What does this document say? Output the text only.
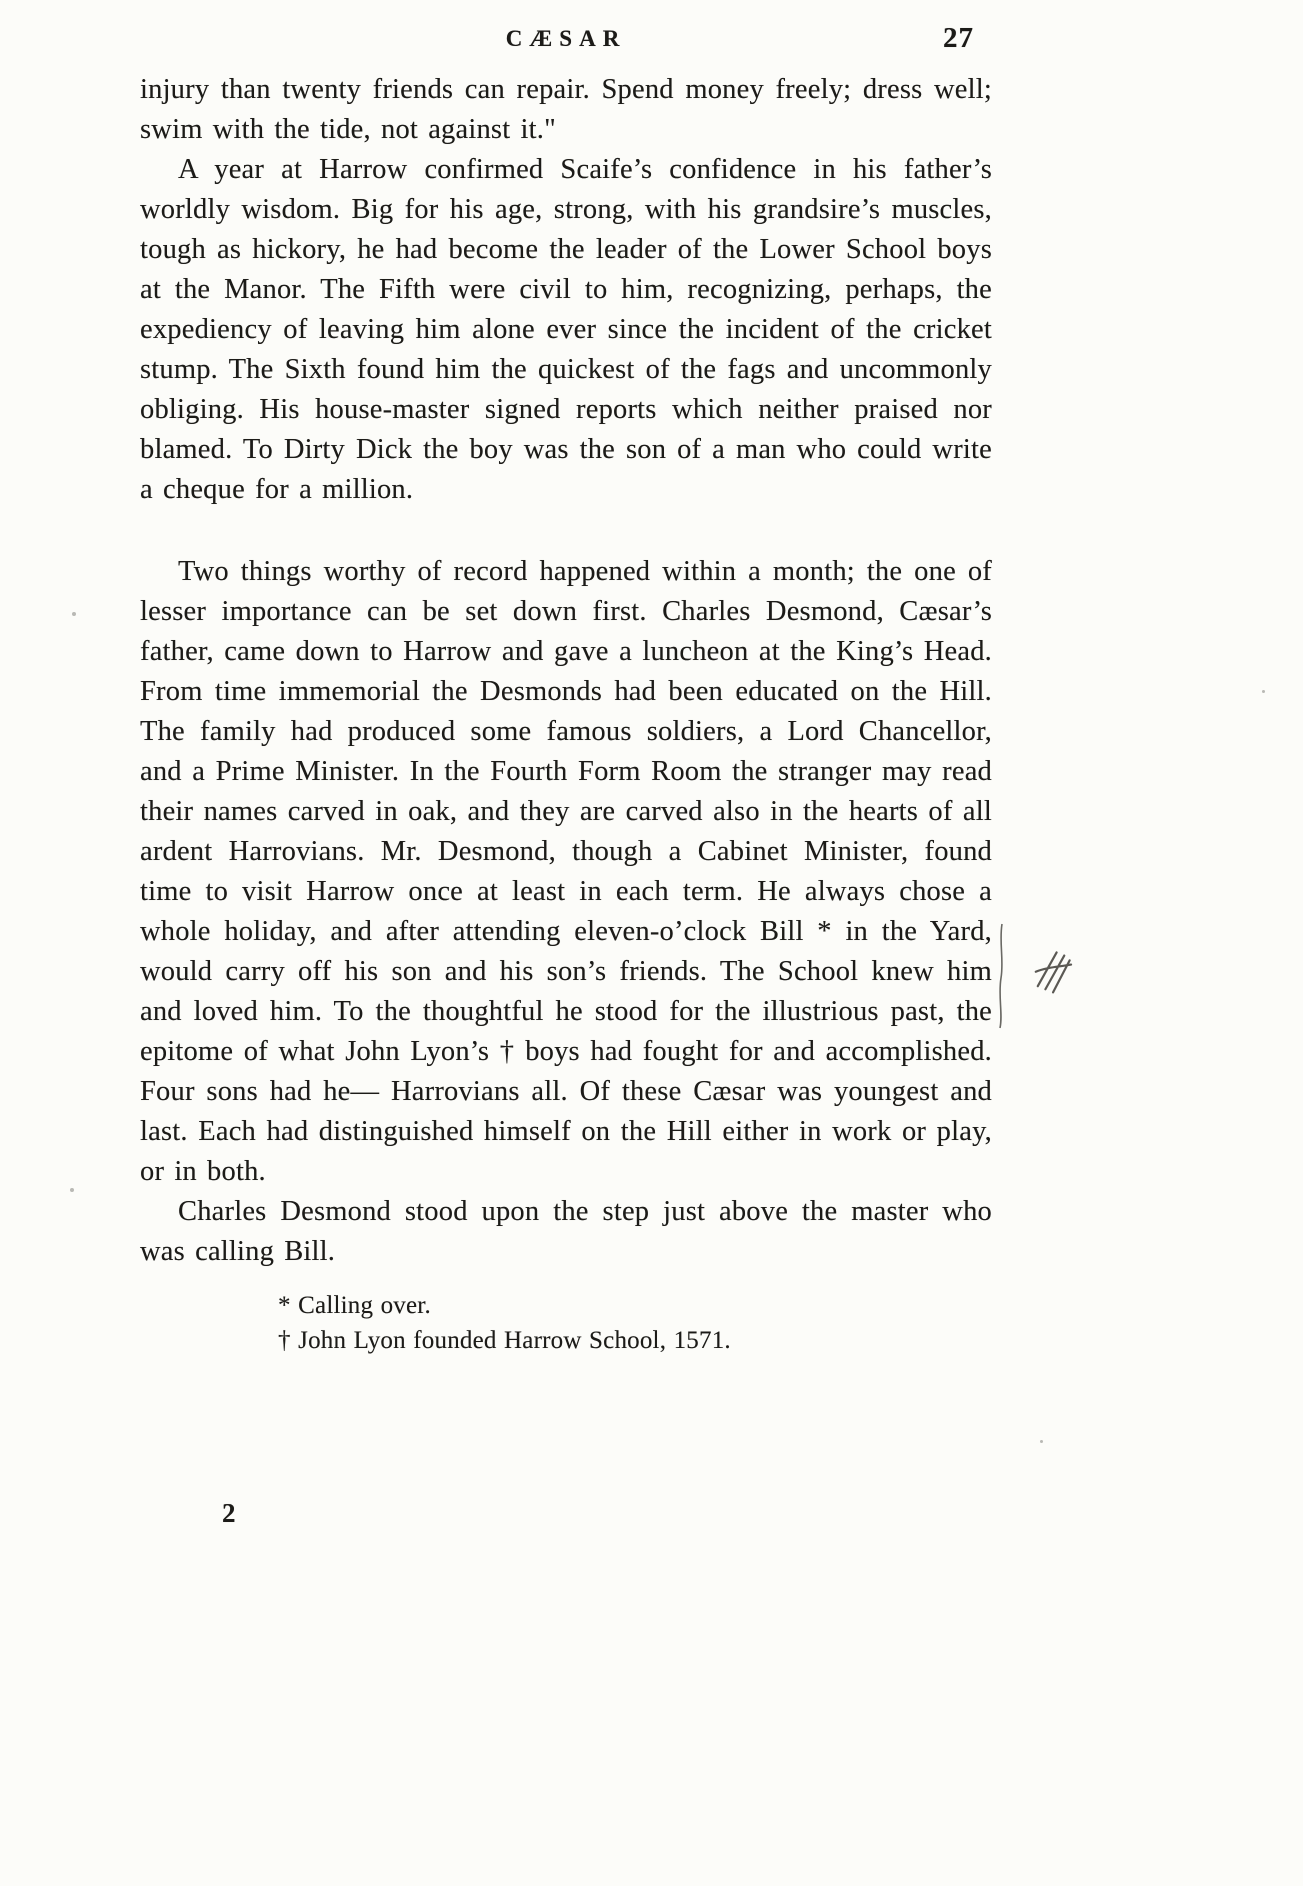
CÆSAR	27

injury than twenty friends can repair. Spend money freely; dress well; swim with the tide, not against it."

A year at Harrow confirmed Scaife’s confidence in his father’s worldly wisdom. Big for his age, strong, with his grandsire’s muscles, tough as hickory, he had become the leader of the Lower School boys at the Manor. The Fifth were civil to him, recognizing, perhaps, the expediency of leaving him alone ever since the incident of the cricket stump. The Sixth found him the quickest of the fags and uncommonly obliging. His house-master signed reports which neither praised nor blamed. To Dirty Dick the boy was the son of a man who could write a cheque for a million.

Two things worthy of record happened within a month; the one of lesser importance can be set down first. Charles Desmond, Cæsar’s father, came down to Harrow and gave a luncheon at the King’s Head. From time immemorial the Desmonds had been educated on the Hill. The family had produced some famous soldiers, a Lord Chancellor, and a Prime Minister. In the Fourth Form Room the stranger may read their names carved in oak, and they are carved also in the hearts of all ardent Harrovians. Mr. Desmond, though a Cabinet Minister, found time to visit Harrow once at least in each term. He always chose a whole holiday, and after attending eleven-o’clock Bill * in the Yard, would carry off his son and his son’s friends. The School knew him and loved him. To the thoughtful he stood for the illustrious past, the epitome of what John Lyon’s † boys had fought for and accomplished. Four sons had he— Harrovians all. Of these Cæsar was youngest and last. Each had distinguished himself on the Hill either in work or play, or in both.

Charles Desmond stood upon the step just above the master who was calling Bill.

* Calling over.

† John Lyon founded Harrow School, 1571.

2
